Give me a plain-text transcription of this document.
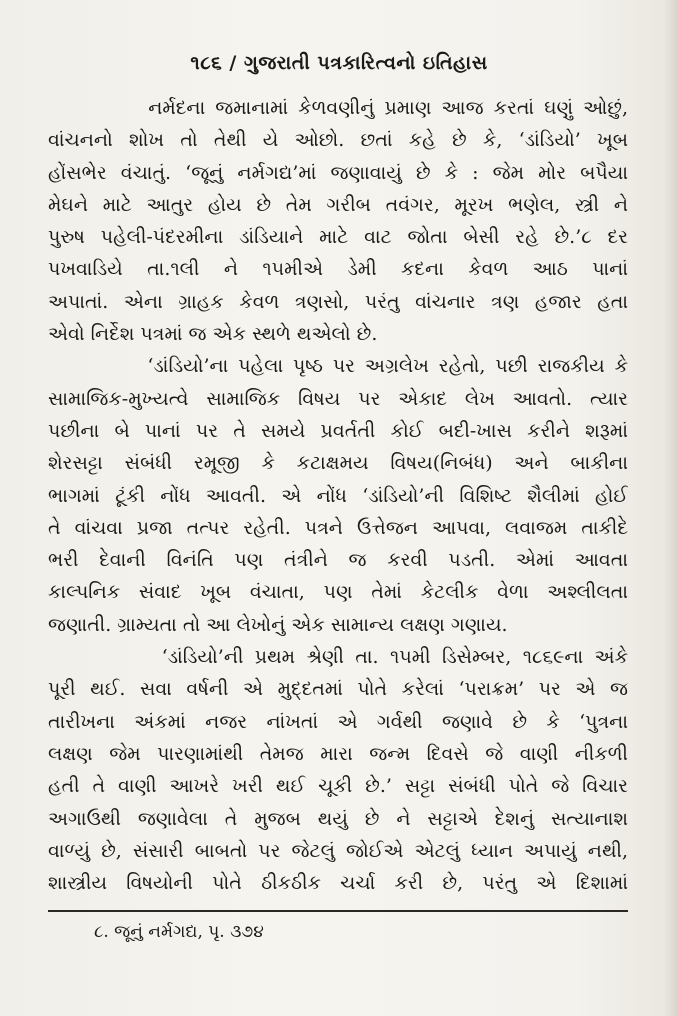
૧૮૬ / ગુજરાતી પત્રકારિત્વનો ઇતિહાસ
નર્મદના જમાનામાં કેળવણીનું પ્રમાણ આજ કરતાં ઘણું ઓછું,
વાંચનનો શોખ તો તેથી યે ઓછો. છતાં કહે છે કે, ‘ડાંડિયો’ ખૂબ
હોંસભેર વંચાતું. ‘જૂનું નર્મગદ્ય’માં જણાવાયું છે કે : જેમ મોર બપૈયા
મેઘને માટે આતુર હોય છે તેમ ગરીબ તવંગર, મૂરખ ભણેલ, સ્ત્રી ને
પુરુષ પહેલી-પંદરમીના ડાંડિયાને માટે વાટ જોતા બેસી રહે છે.’૮ દર
પખવાડિયે તા.૧લી ને ૧૫મીએ ડેમી કદના કેવળ આઠ પાનાં
અપાતાં. એના ગ્રાહક કેવળ ત્રણસો, પરંતુ વાંચનાર ત્રણ હજાર હતા
એવો નિર્દેશ પત્રમાં જ એક સ્થળે થએલો છે.
‘ડાંડિયો’ના પહેલા પૃષ્ઠ પર અગ્રલેખ રહેતો, પછી રાજકીય કે
સામાજિક-મુખ્યત્વે સામાજિક વિષય પર એકાદ લેખ આવતો. ત્યાર
પછીના બે પાનાં પર તે સમયે પ્રવર્તતી કોઈ બદી-ખાસ કરીને શરૂમાં
શેરસટ્ટા સંબંધી રમૂજી કે કટાક્ષમય વિષય(નિબંધ) અને બાકીના
ભાગમાં ટૂંકી નોંધ આવતી. એ નોંધ ‘ડાંડિયો’ની વિશિષ્ટ શૈલીમાં હોઈ
તે વાંચવા પ્રજા તત્પર રહેતી. પત્રને ઉત્તેજન આપવા, લવાજમ તાકીદે
ભરી દેવાની વિનંતિ પણ તંત્રીને જ કરવી પડતી. એમાં આવતા
કાલ્પનિક સંવાદ ખૂબ વંચાતા, પણ તેમાં કેટલીક વેળા અશ્લીલતા
જણાતી. ગ્રામ્યતા તો આ લેખોનું એક સામાન્ય લક્ષણ ગણાય.
‘ડાંડિયો’ની પ્રથમ શ્રેણી તા. ૧૫મી ડિસેમ્બર, ૧૮૬૯ના અંકે
પૂરી થઈ. સવા વર્ષની એ મુદ્દતમાં પોતે કરેલાં ‘પરાક્રમ’ પર એ જ
તારીખના અંકમાં નજર નાંખતાં એ ગર્વથી જણાવે છે કે ‘પુત્રના
લક્ષણ જેમ પારણામાંથી તેમજ મારા જન્મ દિવસે જે વાણી નીકળી
હતી તે વાણી આખરે ખરી થઈ ચૂકી છે.’ સટ્ટા સંબંધી પોતે જે વિચાર
અગાઉથી જણાવેલા તે મુજબ થયું છે ને સટ્ટાએ દેશનું સત્યાનાશ
વાળ્યું છે, સંસારી બાબતો પર જેટલું જોઈએ એટલું ધ્યાન અપાયું નથી,
શાસ્ત્રીય વિષયોની પોતે ઠીકઠીક ચર્ચા કરી છે, પરંતુ એ દિશામાં
૮. જૂનું નર્મગદ્ય, પૃ. ૩૭૪
